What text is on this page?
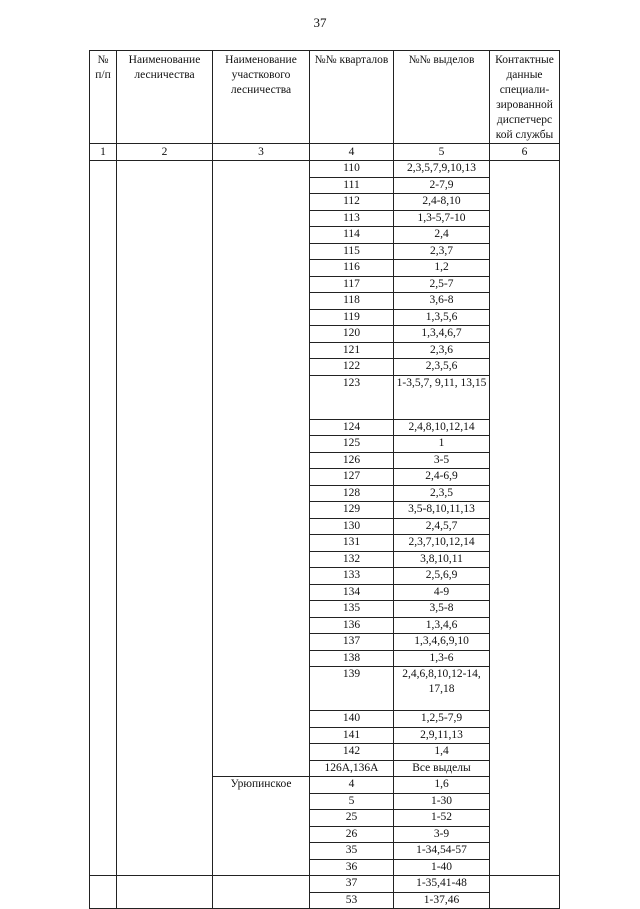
37
№ п/п	Наименование лесничества	Наименование участкового лесничества	№№ кварталов	№№ выделов	Контактные данные специали-зированной диспетчерс кой службы
1	2	3	4	5	6
			110	2,3,5,7,9,10,13	
			111	2-7,9	
			112	2,4-8,10	
			113	1,3-5,7-10	
			114	2,4	
			115	2,3,7	
			116	1,2	
			117	2,5-7	
			118	3,6-8	
			119	1,3,5,6	
			120	1,3,4,6,7	
			121	2,3,6	
			122	2,3,5,6	
			123	1-3,5,7, 9,11, 13,15	
			124	2,4,8,10,12,14	
			125	1	
			126	3-5	
			127	2,4-6,9	
			128	2,3,5	
			129	3,5-8,10,11,13	
			130	2,4,5,7	
			131	2,3,7,10,12,14	
			132	3,8,10,11	
			133	2,5,6,9	
			134	4-9	
			135	3,5-8	
			136	1,3,4,6	
			137	1,3,4,6,9,10	
			138	1,3-6	
			139	2,4,6,8,10,12-14, 17,18	
			140	1,2,5-7,9	
			141	2,9,11,13	
			142	1,4	
			126А,136А	Все выделы	
		Урюпинское	4	1,6	
			5	1-30	
			25	1-52	
			26	3-9	
			35	1-34,54-57	
			36	1-40	
			37	1-35,41-48	
			53	1-37,46	
